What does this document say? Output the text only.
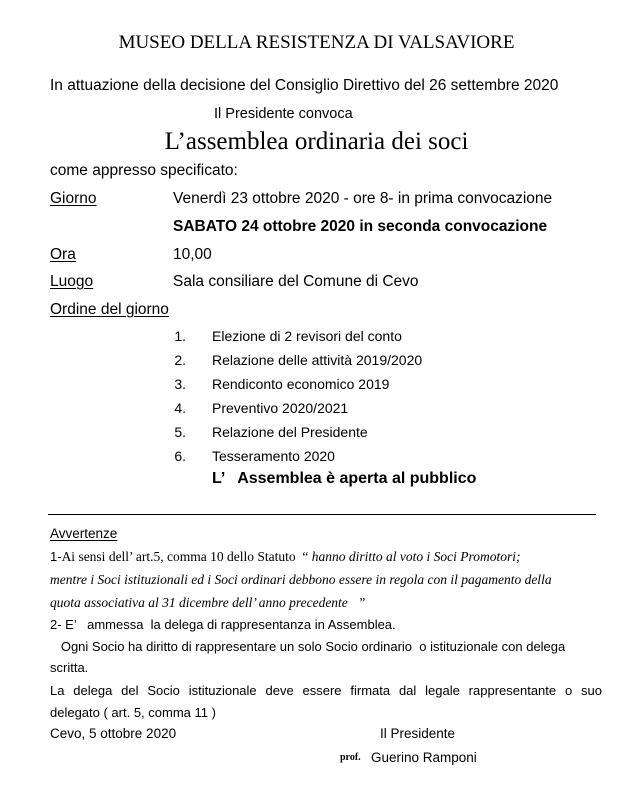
MUSEO DELLA RESISTENZA DI VALSAVIORE
In attuazione della decisione del Consiglio Direttivo del 26 settembre 2020
Il Presidente convoca
L’assemblea ordinaria dei soci
come appresso specificato:
Giorno	Venerdì 23 ottobre 2020 - ore 8- in prima convocazione
SABATO 24 ottobre 2020 in seconda convocazione
Ora	10,00
Luogo	Sala consiliare del Comune di Cevo
Ordine del giorno
1. Elezione di 2 revisori del conto
2. Relazione delle attività 2019/2020
3. Rendiconto economico 2019
4. Preventivo 2020/2021
5. Relazione del Presidente
6. Tesseramento 2020
L’   Assemblea è aperta al pubblico
Avvertenze
1-Ai sensi dell’ art.5, comma 10 dello Statuto  “ hanno diritto al voto i Soci Promotori;
mentre i Soci istituzionali ed i Soci ordinari debbono essere in regola con il pagamento della
quota associativa al 31 dicembre dell’ anno precedente   ”
2- E’   ammessa  la delega di rappresentanza in Assemblea.
Ogni Socio ha diritto di rappresentare un solo Socio ordinario  o istituzionale con delega
scritta.
La delega del Socio istituzionale deve essere firmata dal legale rappresentante o suo
delegato ( art. 5, comma 11 )
Cevo, 5 ottobre 2020	Il Presidente
prof. Guerino Ramponi
